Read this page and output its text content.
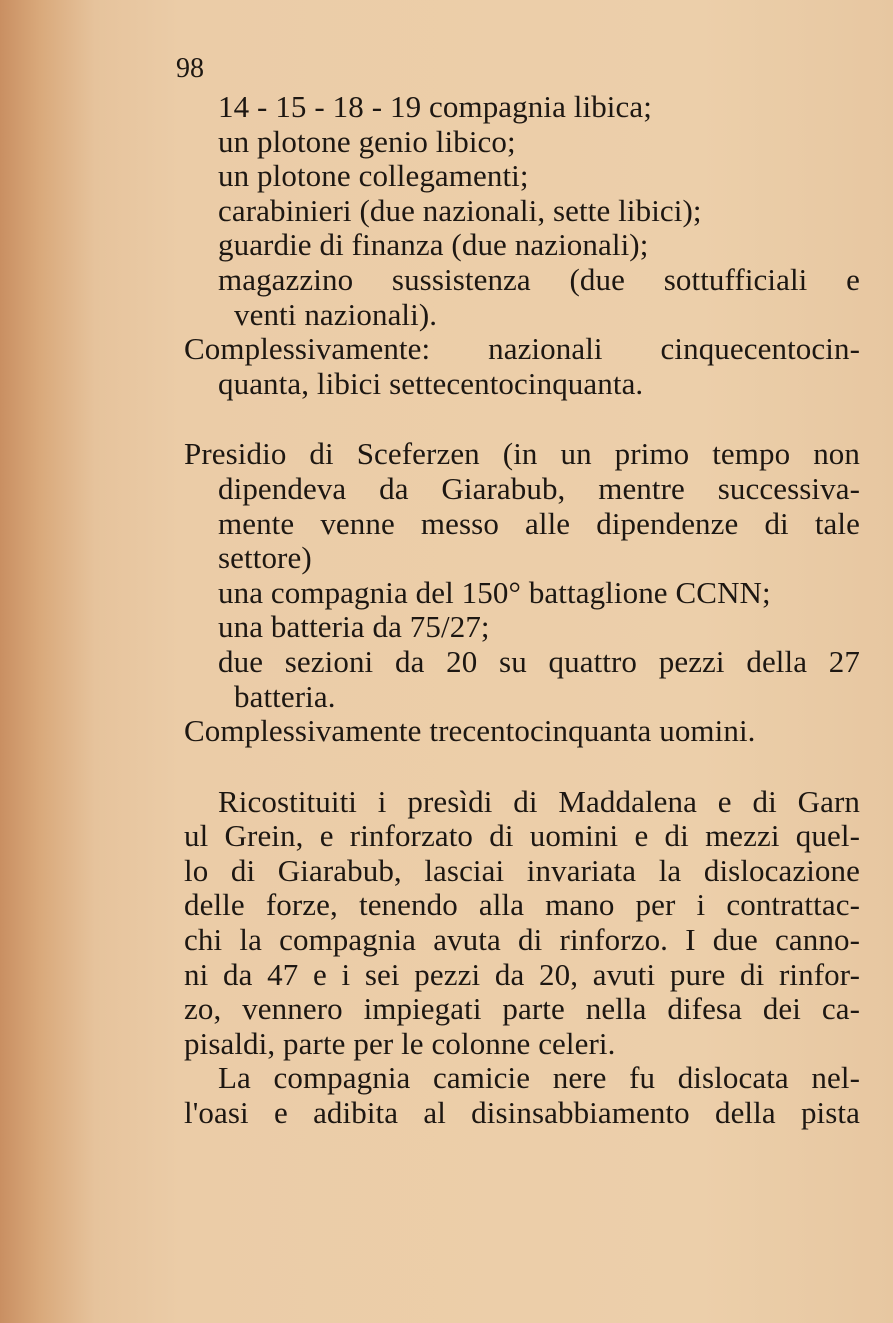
98
14 - 15 - 18 - 19 compagnia libica;
un plotone genio libico;
un plotone collegamenti;
carabinieri (due nazionali, sette libici);
guardie di finanza (due nazionali);
magazzino sussistenza (due sottufficiali e
venti nazionali).
Complessivamente: nazionali cinquecentocin-
quanta, libici settecentocinquanta.
Presidio di Sceferzen (in un primo tempo non
dipendeva da Giarabub, mentre successiva-
mente venne messo alle dipendenze di tale
settore)
una compagnia del 150° battaglione CCNN;
una batteria da 75/27;
due sezioni da 20 su quattro pezzi della 27
batteria.
Complessivamente trecentocinquanta uomini.
Ricostituiti i presìdi di Maddalena e di Garn
ul Grein, e rinforzato di uomini e di mezzi quel-
lo di Giarabub, lasciai invariata la dislocazione
delle forze, tenendo alla mano per i contrattac-
chi la compagnia avuta di rinforzo. I due canno-
ni da 47 e i sei pezzi da 20, avuti pure di rinfor-
zo, vennero impiegati parte nella difesa dei ca-
pisaldi, parte per le colonne celeri.
La compagnia camicie nere fu dislocata nel-
l'oasi e adibita al disinsabbiamento della pista
